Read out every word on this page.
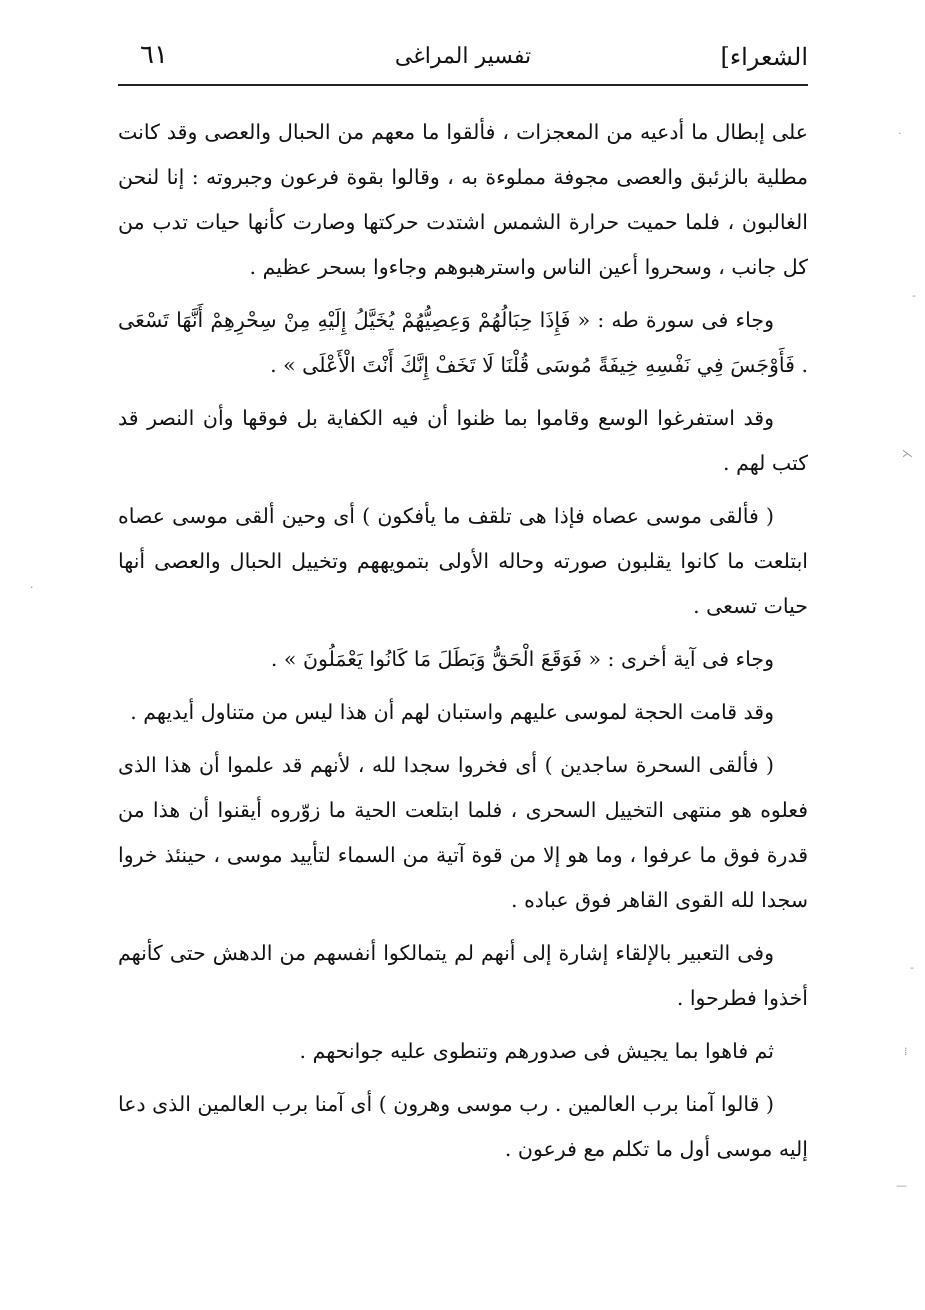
الشعراء]
تفسير المراغى
٦١

على إبطال ما أدعيه من المعجزات ، فألقوا ما معهم من الحبال والعصى وقد كانت مطلية بالزئبق والعصى مجوفة مملوءة به ، وقالوا بقوة فرعون وجبروته : إنا لنحن الغالبون ، فلما حميت حرارة الشمس اشتدت حركتها وصارت كأنها حيات تدب من كل جانب ، وسحروا أعين الناس واسترهبوهم وجاءوا بسحر عظيم .

وجاء فى سورة طه : « فَإِذَا حِبَالُهُمْ وَعِصِيُّهُمْ يُخَيَّلُ إِلَيْهِ مِنْ سِحْرِهِمْ أَنَّهَا تَسْعَى . فَأَوْجَسَ فِي نَفْسِهِ خِيفَةً مُوسَى قُلْنَا لَا تَخَفْ إِنَّكَ أَنْتَ الْأَعْلَى » .

وقد استفرغوا الوسع وقاموا بما ظنوا أن فيه الكفاية بل فوقها وأن النصر قد كتب لهم .

( فألقى موسى عصاه فإذا هى تلقف ما يأفكون ) أى وحين ألقى موسى عصاه ابتلعت ما كانوا يقلبون صورته وحاله الأولى بتمويههم وتخييل الحبال والعصى أنها حيات تسعى .

وجاء فى آية أخرى : « فَوَقَعَ الْحَقُّ وَبَطَلَ مَا كَانُوا يَعْمَلُونَ » .

وقد قامت الحجة لموسى عليهم واستبان لهم أن هذا ليس من متناول أيديهم .

( فألقى السحرة ساجدين ) أى فخروا سجدا لله ، لأنهم قد علموا أن هذا الذى فعلوه هو منتهى التخييل السحرى ، فلما ابتلعت الحية ما زوّروه أيقنوا أن هذا من قدرة فوق ما عرفوا ، وما هو إلا من قوة آتية من السماء لتأييد موسى ، حينئذ خروا سجدا لله القوى القاهر فوق عباده .

وفى التعبير بالإلقاء إشارة إلى أنهم لم يتمالكوا أنفسهم من الدهش حتى كأنهم أخذوا فطرحوا .

ثم فاهوا بما يجيش فى صدورهم وتنطوى عليه جوانحهم .

( قالوا آمنا برب العالمين . رب موسى وهرون ) أى آمنا برب العالمين الذى دعا إليه موسى أول ما تكلم مع فرعون .

·
-
⋋
·
-
⁞
—
